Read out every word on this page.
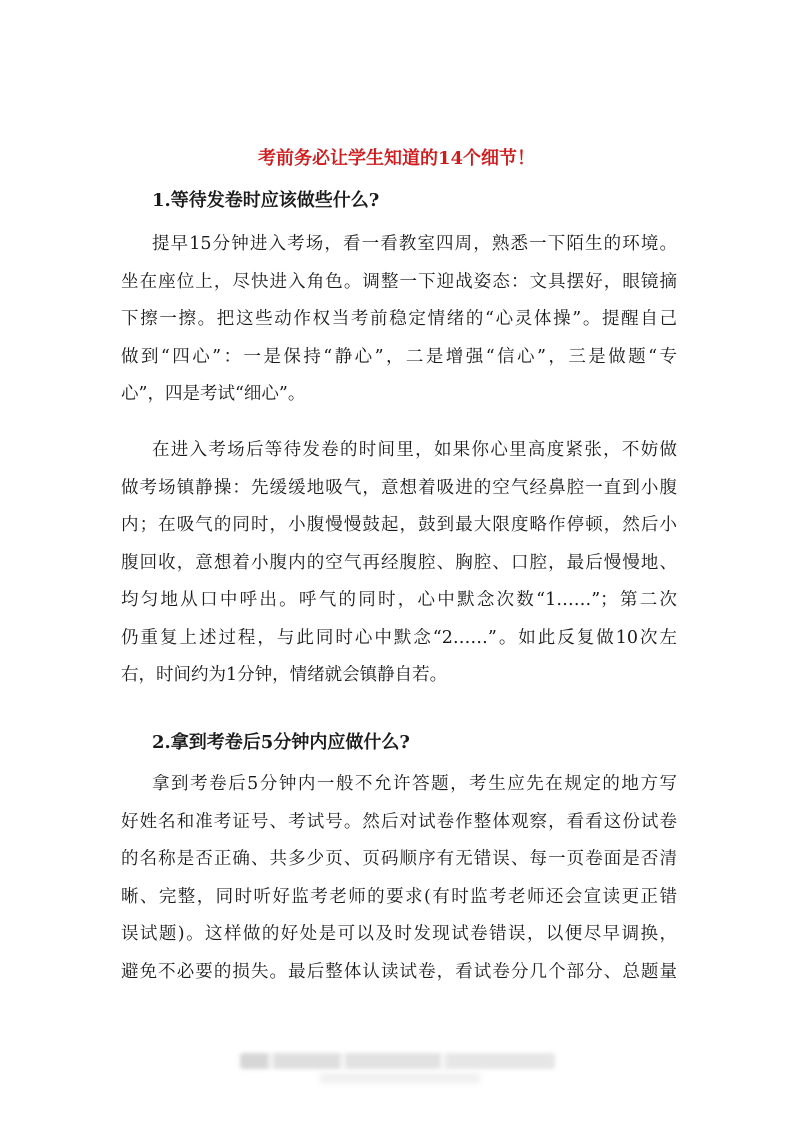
考前务必让学生知道的14个细节！
1.等待发卷时应该做些什么?
提早15分钟进入考场，看一看教室四周，熟悉一下陌生的环境。
坐在座位上，尽快进入角色。调整一下迎战姿态：文具摆好，眼镜摘
下擦一擦。把这些动作权当考前稳定情绪的“心灵体操”。提醒自己
做到“四心”：一是保持“静心”，二是增强“信心”，三是做题“专
心”，四是考试“细心”。
在进入考场后等待发卷的时间里，如果你心里高度紧张，不妨做
做考场镇静操：先缓缓地吸气，意想着吸进的空气经鼻腔一直到小腹
内；在吸气的同时，小腹慢慢鼓起，鼓到最大限度略作停顿，然后小
腹回收，意想着小腹内的空气再经腹腔、胸腔、口腔，最后慢慢地、
均匀地从口中呼出。呼气的同时，心中默念次数“1……”；第二次
仍重复上述过程，与此同时心中默念“2……”。如此反复做10次左
右，时间约为1分钟，情绪就会镇静自若。
2.拿到考卷后5分钟内应做什么?
拿到考卷后5分钟内一般不允许答题，考生应先在规定的地方写
好姓名和准考证号、考试号。然后对试卷作整体观察，看看这份试卷
的名称是否正确、共多少页、页码顺序有无错误、每一页卷面是否清
晰、完整，同时听好监考老师的要求(有时监考老师还会宣读更正错
误试题)。这样做的好处是可以及时发现试卷错误，以便尽早调换，
避免不必要的损失。最后整体认读试卷，看试卷分几个部分、总题量
